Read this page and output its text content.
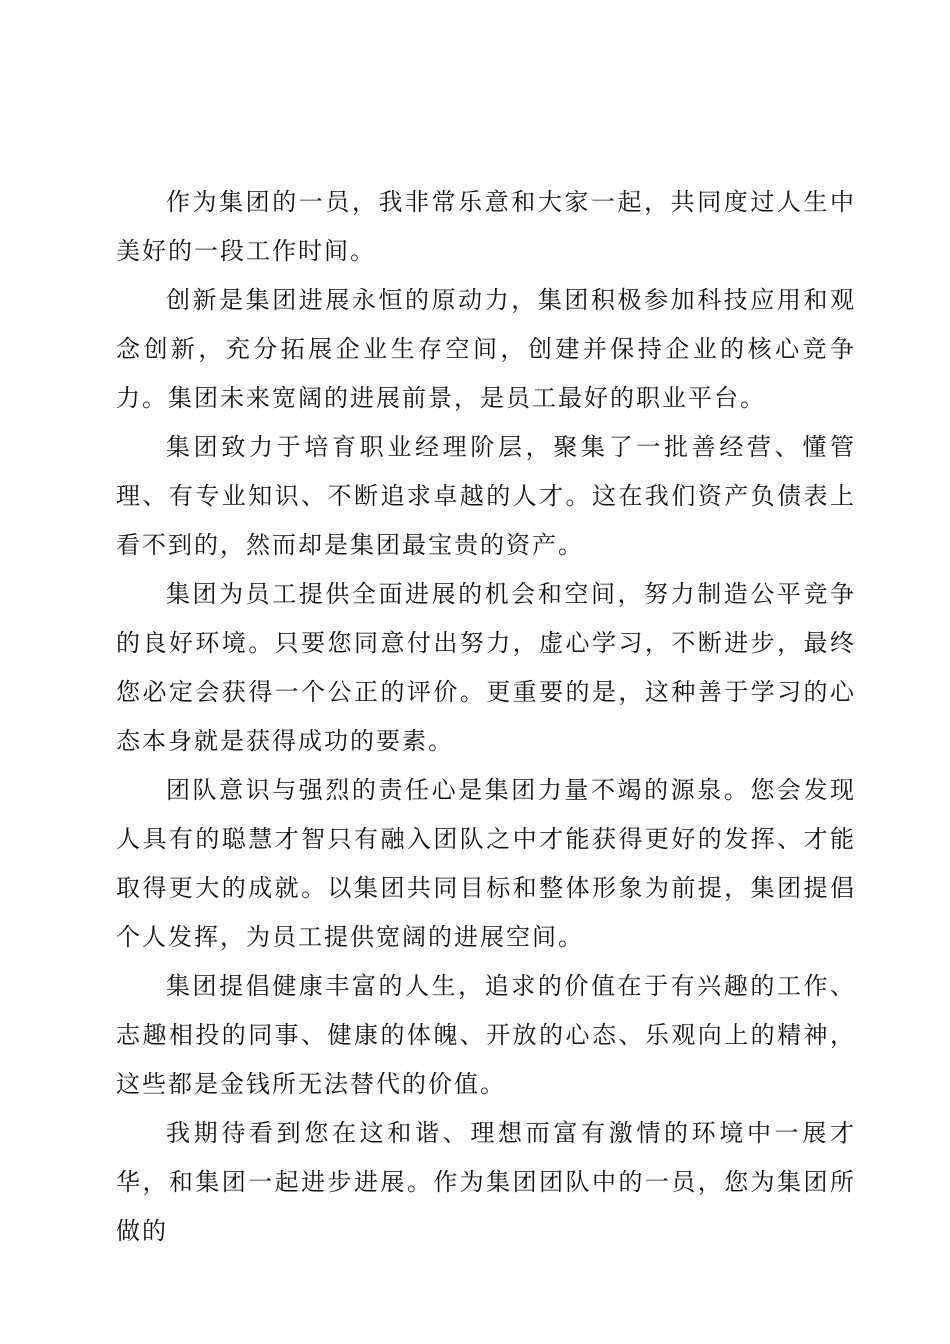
作为集团的一员，我非常乐意和大家一起，共同度过人生中美好的一段工作时间。

创新是集团进展永恒的原动力，集团积极参加科技应用和观念创新，充分拓展企业生存空间，创建并保持企业的核心竞争力。集团未来宽阔的进展前景，是员工最好的职业平台。

集团致力于培育职业经理阶层，聚集了一批善经营、懂管理、有专业知识、不断追求卓越的人才。这在我们资产负债表上看不到的，然而却是集团最宝贵的资产。

集团为员工提供全面进展的机会和空间，努力制造公平竞争的良好环境。只要您同意付出努力，虚心学习，不断进步，最终您必定会获得一个公正的评价。更重要的是，这种善于学习的心态本身就是获得成功的要素。

团队意识与强烈的责任心是集团力量不竭的源泉。您会发现人具有的聪慧才智只有融入团队之中才能获得更好的发挥、才能取得更大的成就。以集团共同目标和整体形象为前提，集团提倡个人发挥，为员工提供宽阔的进展空间。

集团提倡健康丰富的人生，追求的价值在于有兴趣的工作、志趣相投的同事、健康的体魄、开放的心态、乐观向上的精神，这些都是金钱所无法替代的价值。

我期待看到您在这和谐、理想而富有激情的环境中一展才华，和集团一起进步进展。作为集团团队中的一员，您为集团所做的
